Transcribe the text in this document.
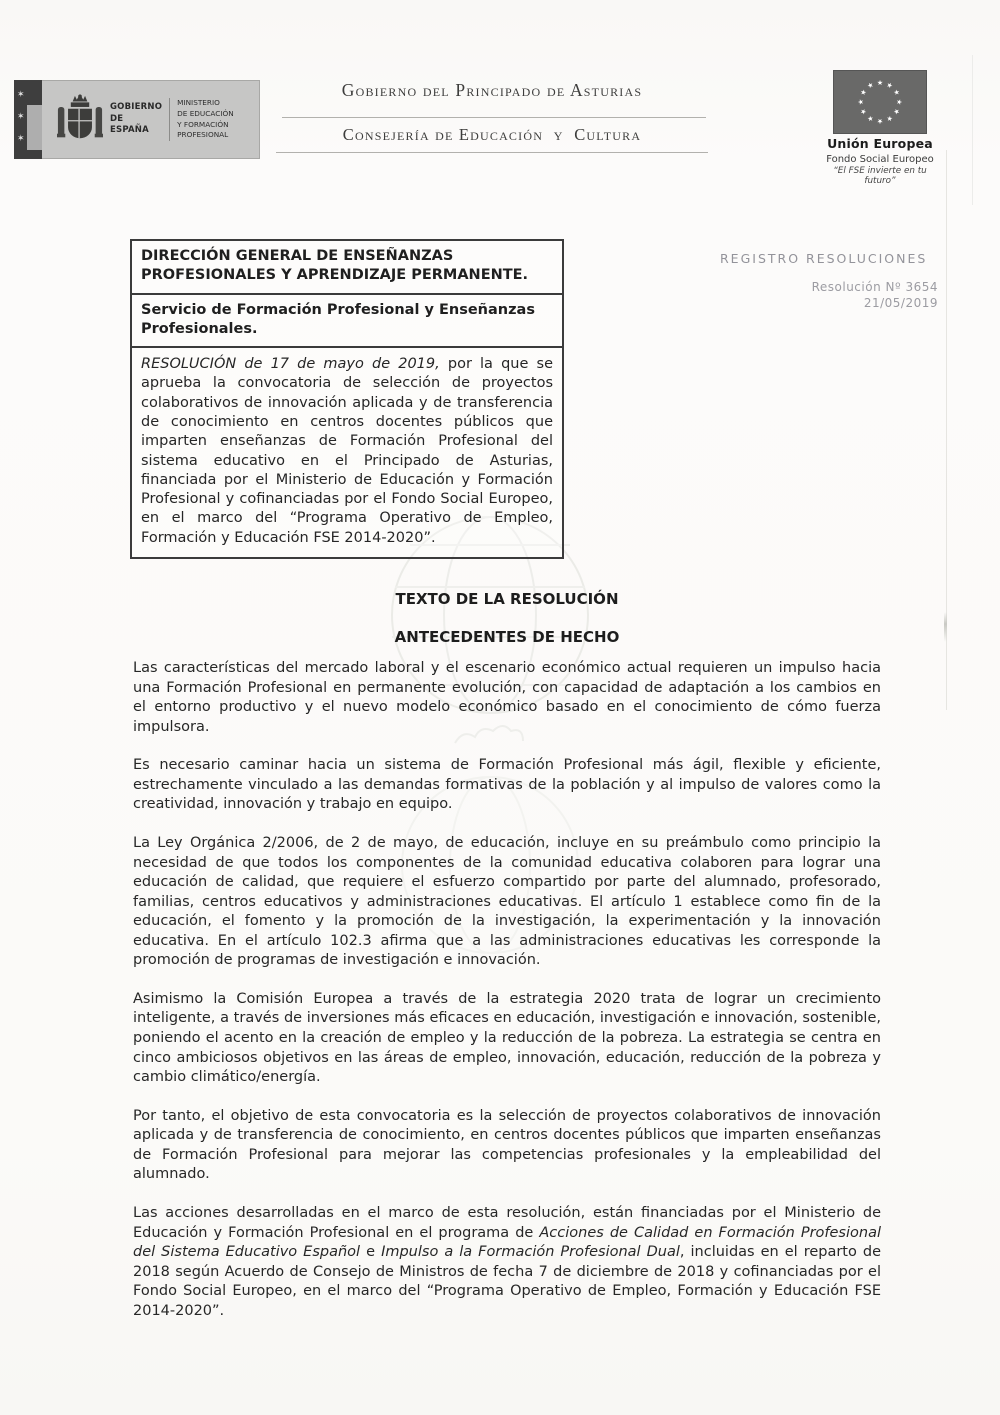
✶
✶
✶
GOBIERNO
DE ESPAÑA
MINISTERIO
DE EDUCACIÓN
Y FORMACIÓN PROFESIONAL
Gobierno del Principado de Asturias
Consejería de Educación  y  Cultura
★ ★
★
★
★
★
★
★
★
★
★
★
Unión Europea
Fondo Social Europeo
“El FSE invierte en tu futuro”
REGISTRO RESOLUCIONES
Resolución Nº 3654
21/05/2019
DIRECCIÓN GENERAL DE ENSEÑANZAS
PROFESIONALES Y APRENDIZAJE PERMANENTE.
Servicio de Formación Profesional y Enseñanzas
Profesionales.
RESOLUCIÓN de 17 de mayo de 2019, por la que se aprueba la convocatoria de selección de proyectos colaborativos de innovación aplicada y de transferencia de conocimiento en centros docentes públicos que imparten enseñanzas de Formación Profesional del sistema educativo en el Principado de Asturias, financiada por el Ministerio de Educación y Formación Profesional y cofinanciadas por el Fondo Social Europeo, en el marco del “Programa Operativo de Empleo, Formación y Educación FSE 2014-2020”.
TEXTO DE LA RESOLUCIÓN
ANTECEDENTES DE HECHO

Las características del mercado laboral y el escenario económico actual requieren un impulso hacia una Formación Profesional en permanente evolución, con capacidad de adaptación a los cambios en el entorno productivo y el nuevo modelo económico basado en el conocimiento de cómo fuerza impulsora.

Es necesario caminar hacia un sistema de Formación Profesional más ágil, flexible y eficiente, estrechamente vinculado a las demandas formativas de la población y al impulso de valores como la creatividad, innovación y trabajo en equipo.

La Ley Orgánica 2/2006, de 2 de mayo, de educación, incluye en su preámbulo como principio la necesidad de que todos los componentes de la comunidad educativa colaboren para lograr una educación de calidad, que requiere el esfuerzo compartido por parte del alumnado, profesorado, familias, centros educativos y administraciones educativas. El artículo 1 establece como fin de la educación, el fomento y la promoción de la investigación, la experimentación y la innovación educativa. En el artículo 102.3 afirma que a las administraciones educativas les corresponde la promoción de programas de investigación e innovación.

Asimismo la Comisión Europea a través de la estrategia 2020 trata de lograr un crecimiento inteligente, a través de inversiones más eficaces en educación, investigación e innovación, sostenible, poniendo el acento en la creación de empleo y la reducción de la pobreza. La estrategia se centra en cinco ambiciosos objetivos en las áreas de empleo, innovación, educación, reducción de la pobreza y cambio climático/energía.

Por tanto, el objetivo de esta convocatoria es la selección de proyectos colaborativos de innovación aplicada y de transferencia de conocimiento, en centros docentes públicos que imparten enseñanzas de Formación Profesional para mejorar las competencias profesionales y la empleabilidad del alumnado.

Las acciones desarrolladas en el marco de esta resolución, están financiadas por el Ministerio de Educación y Formación Profesional en el programa de Acciones de Calidad en Formación Profesional del Sistema Educativo Español e Impulso a la Formación Profesional Dual, incluidas en el reparto de 2018 según Acuerdo de Consejo de Ministros de fecha 7 de diciembre de 2018 y cofinanciadas por el Fondo Social Europeo, en el marco del “Programa Operativo de Empleo, Formación y Educación FSE 2014-2020”.
